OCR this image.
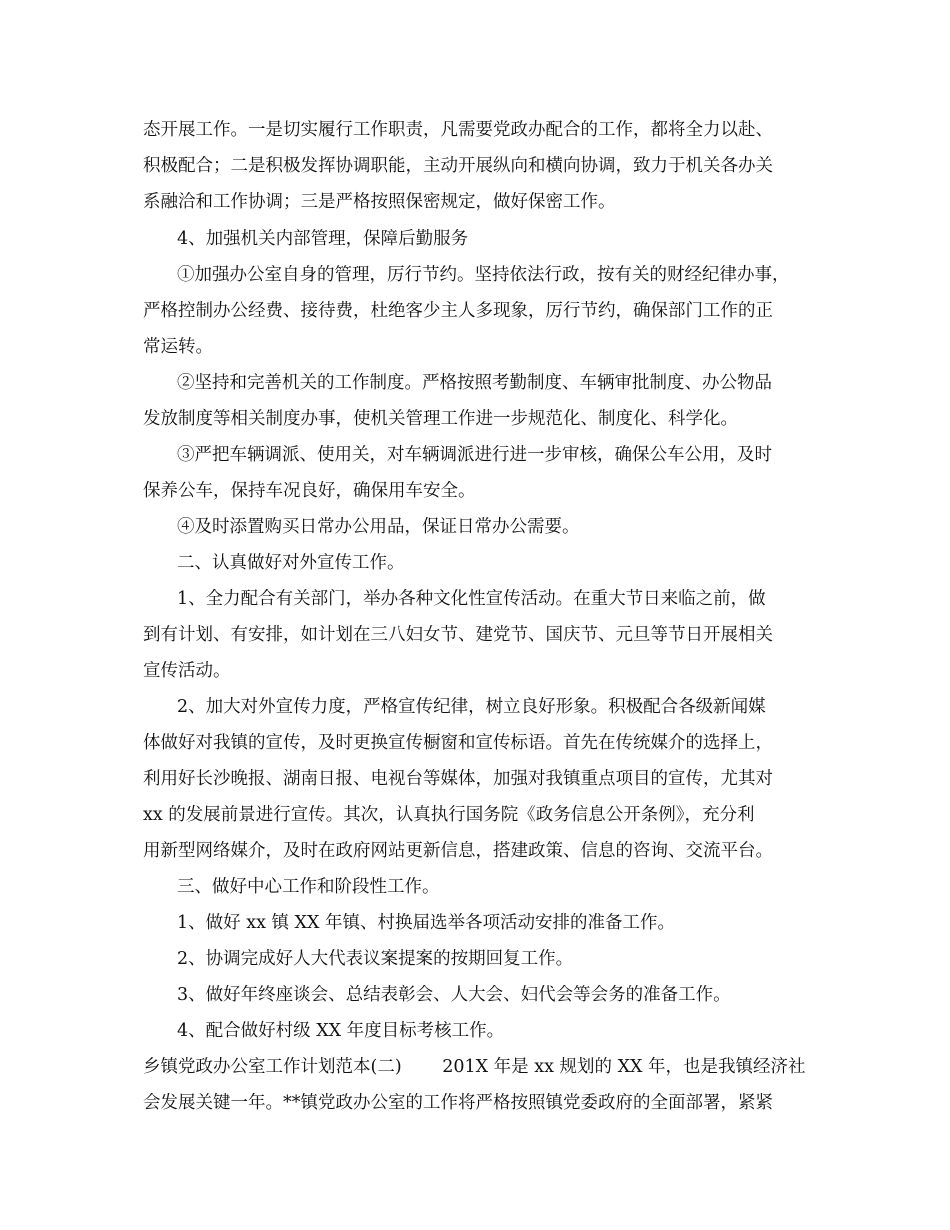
态开展工作。一是切实履行工作职责，凡需要党政办配合的工作，都将全力以赴、
积极配合；二是积极发挥协调职能，主动开展纵向和横向协调，致力于机关各办关
系融洽和工作协调；三是严格按照保密规定，做好保密工作。
4、加强机关内部管理，保障后勤服务
①加强办公室自身的管理，厉行节约。坚持依法行政，按有关的财经纪律办事，
严格控制办公经费、接待费，杜绝客少主人多现象，厉行节约，确保部门工作的正
常运转。
②坚持和完善机关的工作制度。严格按照考勤制度、车辆审批制度、办公物品
发放制度等相关制度办事，使机关管理工作进一步规范化、制度化、科学化。
③严把车辆调派、使用关，对车辆调派进行进一步审核，确保公车公用，及时
保养公车，保持车况良好，确保用车安全。
④及时添置购买日常办公用品，保证日常办公需要。
二、认真做好对外宣传工作。
1、全力配合有关部门，举办各种文化性宣传活动。在重大节日来临之前，做
到有计划、有安排，如计划在三八妇女节、建党节、国庆节、元旦等节日开展相关
宣传活动。
2、加大对外宣传力度，严格宣传纪律，树立良好形象。积极配合各级新闻媒
体做好对我镇的宣传，及时更换宣传橱窗和宣传标语。首先在传统媒介的选择上，
利用好长沙晚报、湖南日报、电视台等媒体，加强对我镇重点项目的宣传，尤其对
xx 的发展前景进行宣传。其次，认真执行国务院《政务信息公开条例》，充分利
用新型网络媒介，及时在政府网站更新信息，搭建政策、信息的咨询、交流平台。
三、做好中心工作和阶段性工作。
1、做好 xx 镇 XX 年镇、村换届选举各项活动安排的准备工作。
2、协调完成好人大代表议案提案的按期回复工作。
3、做好年终座谈会、总结表彰会、人大会、妇代会等会务的准备工作。
4、配合做好村级 XX 年度目标考核工作。
乡镇党政办公室工作计划范本(二)　　 201X 年是 xx 规划的 XX 年，也是我镇经济社
会发展关键一年。**镇党政办公室的工作将严格按照镇党委政府的全面部署，紧紧
